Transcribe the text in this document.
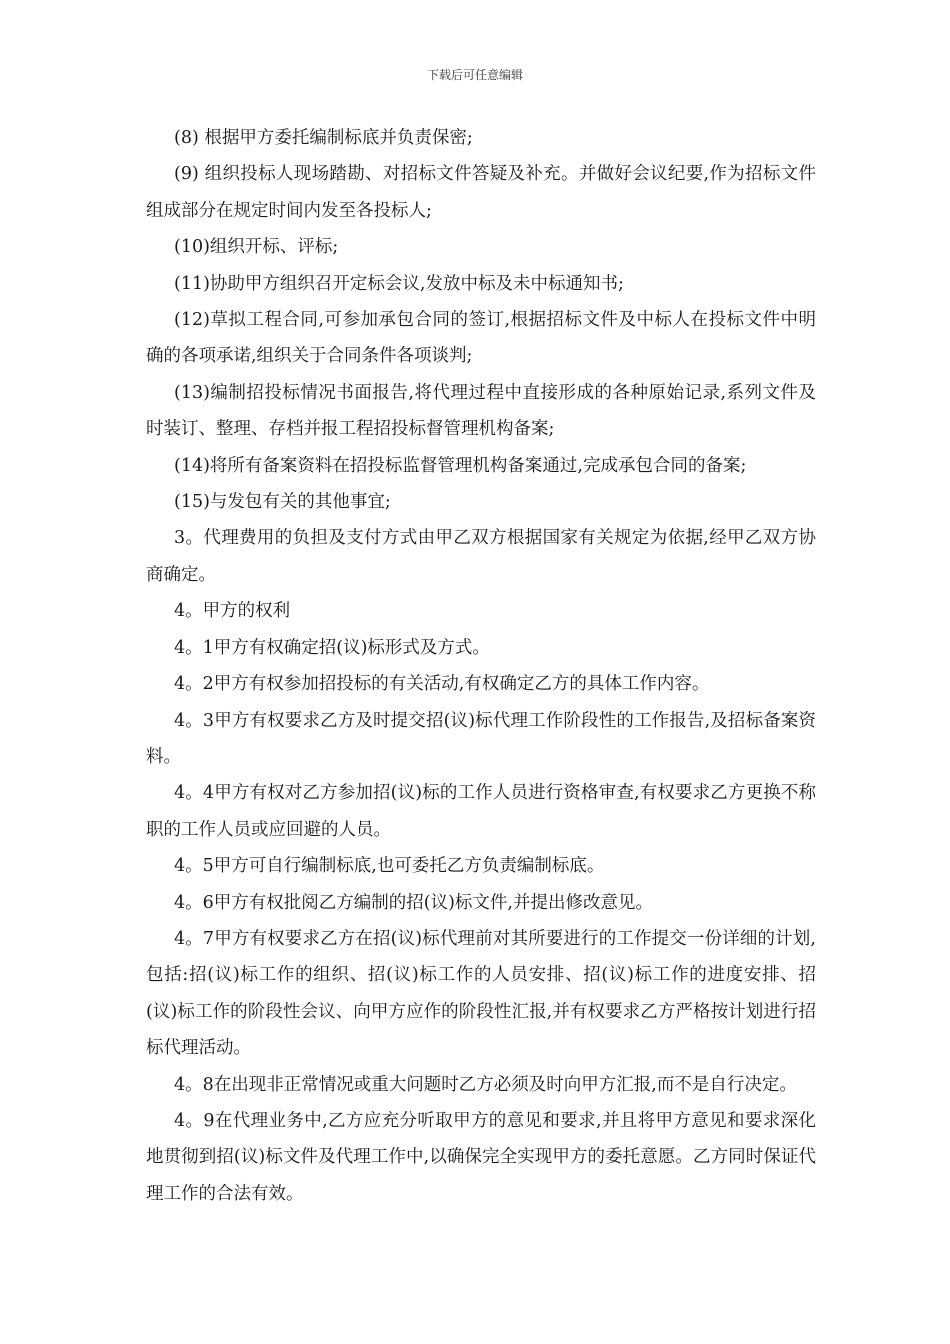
下载后可任意编辑

(8) 根据甲方委托编制标底并负责保密;

(9) 组织投标人现场踏勘、对招标文件答疑及补充。并做好会议纪要,作为招标文件组成部分在规定时间内发至各投标人;

(10)组织开标、评标;

(11)协助甲方组织召开定标会议,发放中标及未中标通知书;

(12)草拟工程合同,可参加承包合同的签订,根据招标文件及中标人在投标文件中明确的各项承诺,组织关于合同条件各项谈判;

(13)编制招投标情况书面报告,将代理过程中直接形成的各种原始记录,系列文件及时装订、整理、存档并报工程招投标督管理机构备案;

(14)将所有备案资料在招投标监督管理机构备案通过,完成承包合同的备案;

(15)与发包有关的其他事宜;

3。代理费用的负担及支付方式由甲乙双方根据国家有关规定为依据,经甲乙双方协商确定。

4。甲方的权利

4。1甲方有权确定招(议)标形式及方式。

4。2甲方有权参加招投标的有关活动,有权确定乙方的具体工作内容。

4。3甲方有权要求乙方及时提交招(议)标代理工作阶段性的工作报告,及招标备案资料。

4。4甲方有权对乙方参加招(议)标的工作人员进行资格审查,有权要求乙方更换不称职的工作人员或应回避的人员。

4。5甲方可自行编制标底,也可委托乙方负责编制标底。

4。6甲方有权批阅乙方编制的招(议)标文件,并提出修改意见。

4。7甲方有权要求乙方在招(议)标代理前对其所要进行的工作提交一份详细的计划,包括:招(议)标工作的组织、招(议)标工作的人员安排、招(议)标工作的进度安排、招(议)标工作的阶段性会议、向甲方应作的阶段性汇报,并有权要求乙方严格按计划进行招标代理活动。

4。8在出现非正常情况或重大问题时乙方必须及时向甲方汇报,而不是自行决定。

4。9在代理业务中,乙方应充分听取甲方的意见和要求,并且将甲方意见和要求深化地贯彻到招(议)标文件及代理工作中,以确保完全实现甲方的委托意愿。乙方同时保证代理工作的合法有效。
